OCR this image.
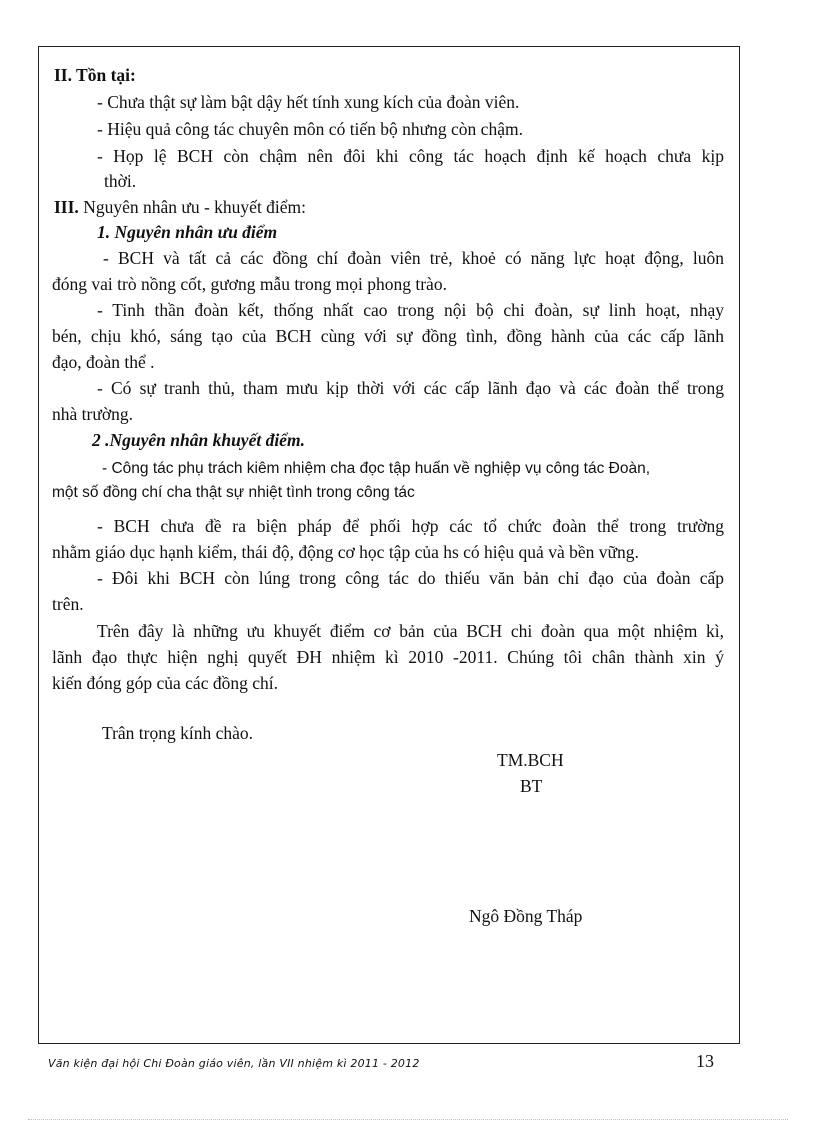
II. Tồn tại:
- Chưa thật sự làm bật dậy hết tính xung kích của đoàn viên.
- Hiệu quả công tác chuyên môn có tiến bộ nhưng còn chậm.
- Họp lệ BCH còn chậm nên đôi khi công tác hoạch định kế hoạch chưa kịp
thời.
III. Nguyên nhân ưu - khuyết điểm:
1. Nguyên nhân ưu điểm
- BCH và tất cả các đồng chí đoàn viên trẻ, khoẻ có năng lực hoạt động, luôn
đóng vai trò nồng cốt, gương mẫu trong mọi phong trào.
- Tinh thần đoàn kết, thống nhất cao trong nội bộ chi đoàn, sự linh hoạt, nhạy
bén, chịu khó, sáng tạo của BCH cùng với sự đồng tình, đồng hành của các cấp lãnh
đạo, đoàn thể .
- Có sự tranh thủ, tham mưu kịp thời với các cấp lãnh đạo và các đoàn thể trong
nhà trường.
2 .Nguyên nhân khuyết điểm.
- Công tác phụ trách kiêm nhiệm cha đọc tập huấn về nghiệp vụ công tác Đoàn,
một số đồng chí cha thật sự nhiệt tình trong công tác
- BCH chưa đề ra biện pháp để phối hợp các tổ chức đoàn thể trong trường
nhằm giáo dục hạnh kiểm, thái độ, động cơ học tập của hs có hiệu quả và bền vững.
- Đôi khi BCH còn lúng trong công tác do thiếu văn bản chỉ đạo của đoàn cấp
trên.
Trên đây là những ưu khuyết điểm cơ bản của BCH chi đoàn qua một nhiệm kì,
lãnh đạo thực hiện nghị quyết ĐH nhiệm kì 2010 -2011. Chúng tôi chân thành xin ý
kiến đóng góp của các đồng chí.
Trân trọng kính chào.
TM.BCH
BT
Ngô Đồng Tháp
Văn kiện đại hội Chi Đoàn giáo viên, lần VII nhiệm kì 2011 - 2012	13
